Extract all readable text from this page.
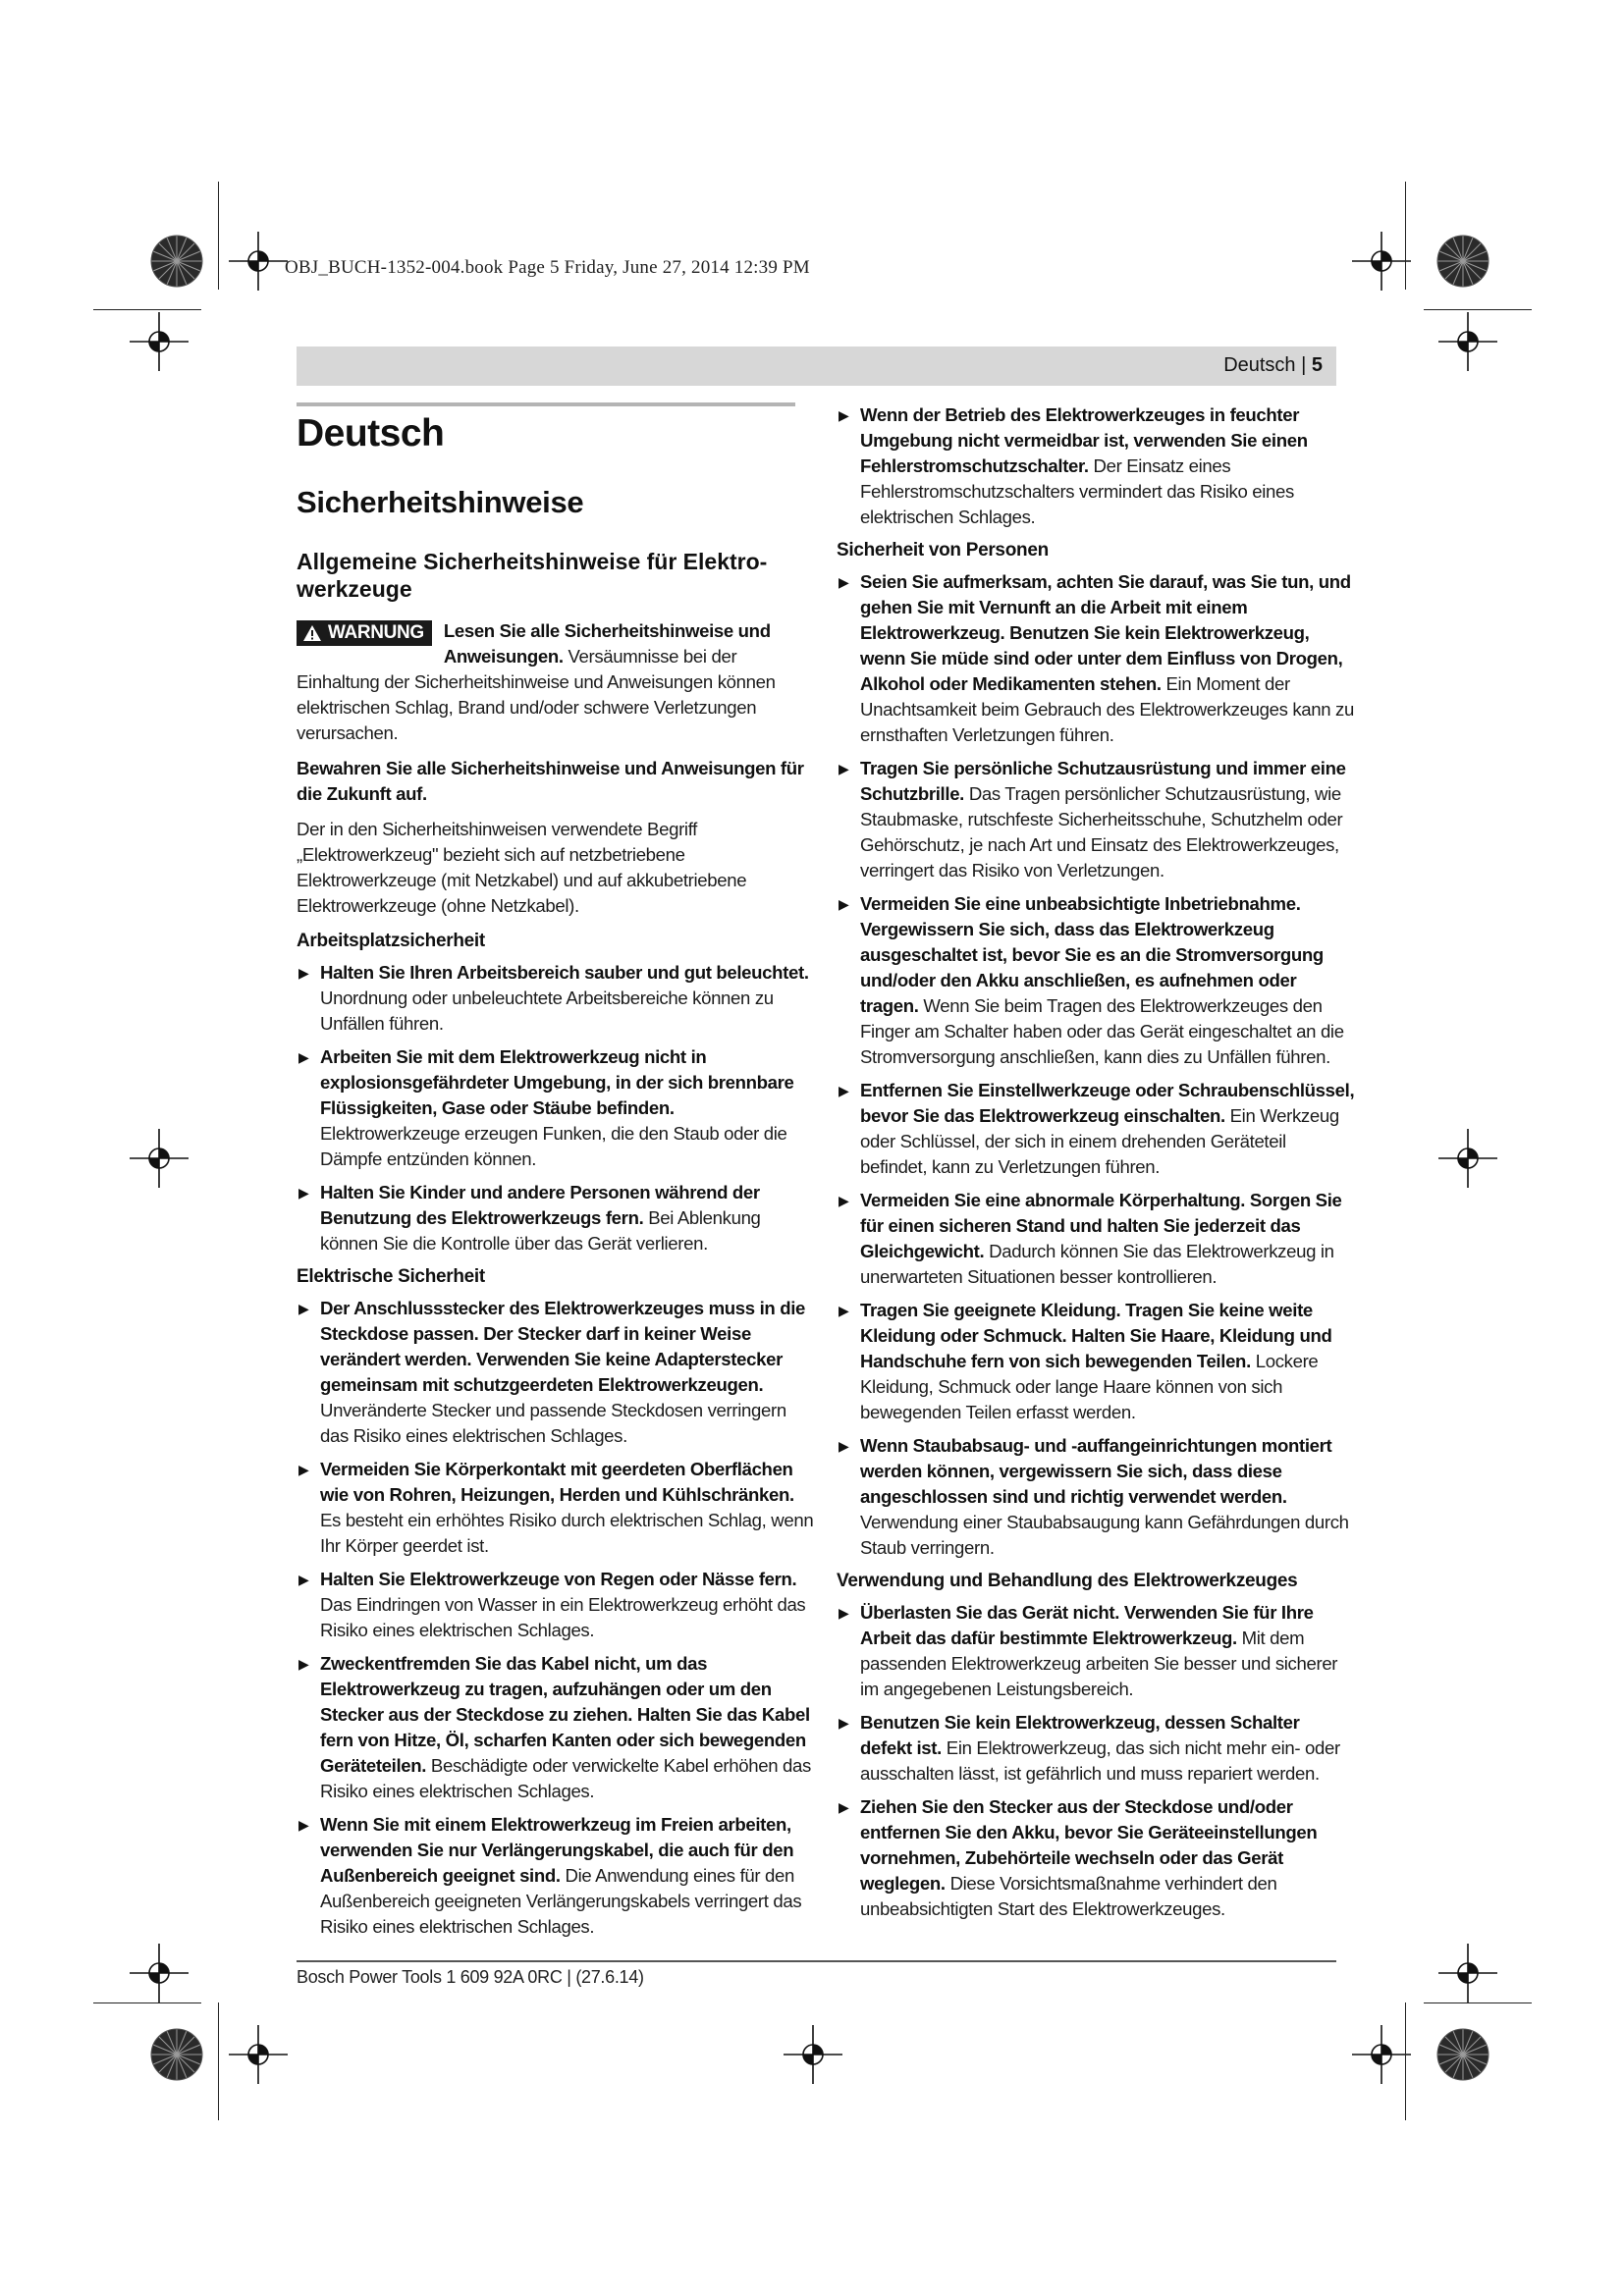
OBJ_BUCH-1352-004.book Page 5 Friday, June 27, 2014 12:39 PM
Deutsch | 5
Deutsch
Sicherheitshinweise
Allgemeine Sicherheitshinweise für Elektro-
werkzeuge
WARNUNG Lesen Sie alle Sicherheitshinweise und Anweisungen. Versäumnisse bei der Einhaltung der Sicherheitshinweise und Anweisungen können elektrischen Schlag, Brand und/oder schwere Verletzungen verursachen.

Bewahren Sie alle Sicherheitshinweise und Anweisungen für die Zukunft auf.

Der in den Sicherheitshinweisen verwendete Begriff „Elektrowerkzeug" bezieht sich auf netzbetriebene Elektrowerkzeuge (mit Netzkabel) und auf akkubetriebene Elektrowerkzeuge (ohne Netzkabel).

Arbeitsplatzsicherheit
▶ Halten Sie Ihren Arbeitsbereich sauber und gut beleuchtet. Unordnung oder unbeleuchtete Arbeitsbereiche können zu Unfällen führen.
▶ Arbeiten Sie mit dem Elektrowerkzeug nicht in explosionsgefährdeter Umgebung, in der sich brennbare Flüssigkeiten, Gase oder Stäube befinden. Elektrowerkzeuge erzeugen Funken, die den Staub oder die Dämpfe entzünden können.
▶ Halten Sie Kinder und andere Personen während der Benutzung des Elektrowerkzeugs fern. Bei Ablenkung können Sie die Kontrolle über das Gerät verlieren.
Elektrische Sicherheit
▶ Der Anschlussstecker des Elektrowerkzeuges muss in die Steckdose passen. Der Stecker darf in keiner Weise verändert werden. Verwenden Sie keine Adapterstecker gemeinsam mit schutzgeerdeten Elektrowerkzeugen. Unveränderte Stecker und passende Steckdosen verringern das Risiko eines elektrischen Schlages.
▶ Vermeiden Sie Körperkontakt mit geerdeten Oberflächen wie von Rohren, Heizungen, Herden und Kühlschränken. Es besteht ein erhöhtes Risiko durch elektrischen Schlag, wenn Ihr Körper geerdet ist.
▶ Halten Sie Elektrowerkzeuge von Regen oder Nässe fern. Das Eindringen von Wasser in ein Elektrowerkzeug erhöht das Risiko eines elektrischen Schlages.
▶ Zweckentfremden Sie das Kabel nicht, um das Elektrowerkzeug zu tragen, aufzuhängen oder um den Stecker aus der Steckdose zu ziehen. Halten Sie das Kabel fern von Hitze, Öl, scharfen Kanten oder sich bewegenden Geräteteilen. Beschädigte oder verwickelte Kabel erhöhen das Risiko eines elektrischen Schlages.
▶ Wenn Sie mit einem Elektrowerkzeug im Freien arbeiten, verwenden Sie nur Verlängerungskabel, die auch für den Außenbereich geeignet sind. Die Anwendung eines für den Außenbereich geeigneten Verlängerungskabels verringert das Risiko eines elektrischen Schlages.
▶ Wenn der Betrieb des Elektrowerkzeuges in feuchter Umgebung nicht vermeidbar ist, verwenden Sie einen Fehlerstromschutzschalter. Der Einsatz eines Fehlerstromschutzschalters vermindert das Risiko eines elektrischen Schlages.
Sicherheit von Personen
▶ Seien Sie aufmerksam, achten Sie darauf, was Sie tun, und gehen Sie mit Vernunft an die Arbeit mit einem Elektrowerkzeug. Benutzen Sie kein Elektrowerkzeug, wenn Sie müde sind oder unter dem Einfluss von Drogen, Alkohol oder Medikamenten stehen. Ein Moment der Unachtsamkeit beim Gebrauch des Elektrowerkzeuges kann zu ernsthaften Verletzungen führen.
▶ Tragen Sie persönliche Schutzausrüstung und immer eine Schutzbrille. Das Tragen persönlicher Schutzausrüstung, wie Staubmaske, rutschfeste Sicherheitsschuhe, Schutzhelm oder Gehörschutz, je nach Art und Einsatz des Elektrowerkzeuges, verringert das Risiko von Verletzungen.
▶ Vermeiden Sie eine unbeabsichtigte Inbetriebnahme. Vergewissern Sie sich, dass das Elektrowerkzeug ausgeschaltet ist, bevor Sie es an die Stromversorgung und/oder den Akku anschließen, es aufnehmen oder tragen. Wenn Sie beim Tragen des Elektrowerkzeuges den Finger am Schalter haben oder das Gerät eingeschaltet an die Stromversorgung anschließen, kann dies zu Unfällen führen.
▶ Entfernen Sie Einstellwerkzeuge oder Schraubenschlüssel, bevor Sie das Elektrowerkzeug einschalten. Ein Werkzeug oder Schlüssel, der sich in einem drehenden Geräteteil befindet, kann zu Verletzungen führen.
▶ Vermeiden Sie eine abnormale Körperhaltung. Sorgen Sie für einen sicheren Stand und halten Sie jederzeit das Gleichgewicht. Dadurch können Sie das Elektrowerkzeug in unerwarteten Situationen besser kontrollieren.
▶ Tragen Sie geeignete Kleidung. Tragen Sie keine weite Kleidung oder Schmuck. Halten Sie Haare, Kleidung und Handschuhe fern von sich bewegenden Teilen. Lockere Kleidung, Schmuck oder lange Haare können von sich bewegenden Teilen erfasst werden.
▶ Wenn Staubabsaug- und -auffangeinrichtungen montiert werden können, vergewissern Sie sich, dass diese angeschlossen sind und richtig verwendet werden. Verwendung einer Staubabsaugung kann Gefährdungen durch Staub verringern.
Verwendung und Behandlung des Elektrowerkzeuges
▶ Überlasten Sie das Gerät nicht. Verwenden Sie für Ihre Arbeit das dafür bestimmte Elektrowerkzeug. Mit dem passenden Elektrowerkzeug arbeiten Sie besser und sicherer im angegebenen Leistungsbereich.
▶ Benutzen Sie kein Elektrowerkzeug, dessen Schalter defekt ist. Ein Elektrowerkzeug, das sich nicht mehr ein- oder ausschalten lässt, ist gefährlich und muss repariert werden.
▶ Ziehen Sie den Stecker aus der Steckdose und/oder entfernen Sie den Akku, bevor Sie Geräteeinstellungen vornehmen, Zubehörteile wechseln oder das Gerät weglegen. Diese Vorsichtsmaßnahme verhindert den unbeabsichtigten Start des Elektrowerkzeuges.
Bosch Power Tools 1 609 92A 0RC | (27.6.14)
